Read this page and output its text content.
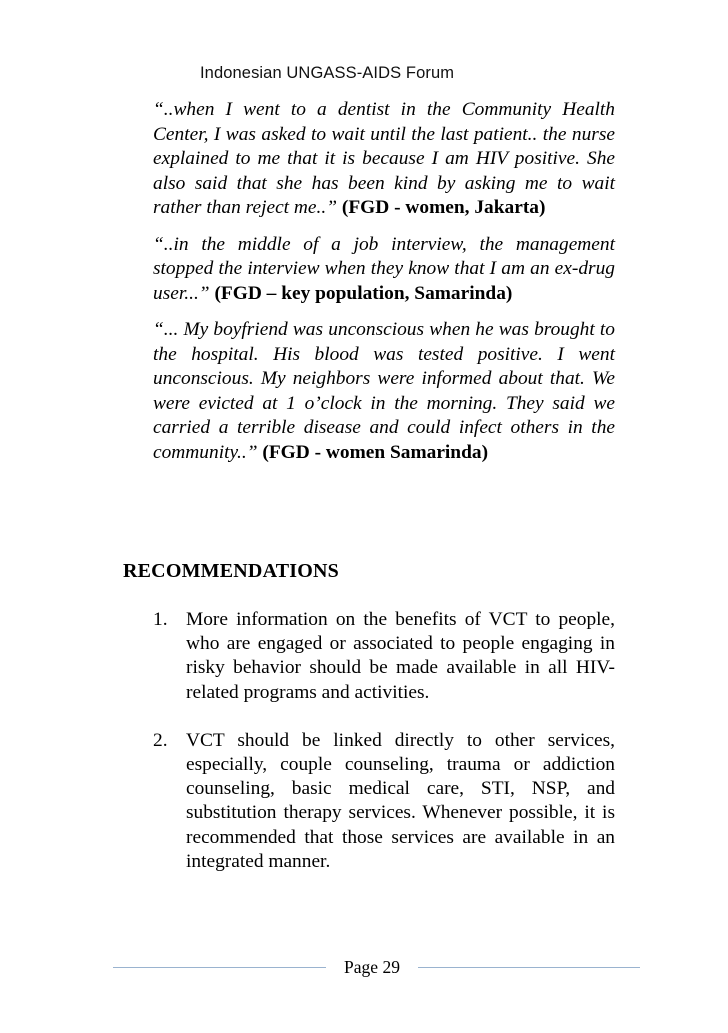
Indonesian UNGASS-AIDS Forum

“..when I went to a dentist in the Community Health Center, I was asked to wait until the last patient.. the nurse explained to me that it is because I am HIV positive. She also said that she has been kind by asking me to wait rather than reject me..” (FGD - women, Jakarta)

“..in the middle of a job interview, the management stopped the interview when they know that I am an ex-drug user...” (FGD – key population, Samarinda)

“... My boyfriend was unconscious when he was brought to the hospital. His blood was tested positive. I went unconscious. My neighbors were informed about that. We were evicted at 1 o’clock in the morning. They said we carried a terrible disease and could infect others in the community..” (FGD - women Samarinda)

RECOMMENDATIONS
1. More information on the benefits of VCT to people, who are engaged or associated to people engaging in risky behavior should be made available in all HIV-related programs and activities.
2. VCT should be linked directly to other services, especially, couple counseling, trauma or addiction counseling, basic medical care, STI, NSP, and substitution therapy services. Whenever possible, it is recommended that those services are available in an integrated manner.
Page 29
